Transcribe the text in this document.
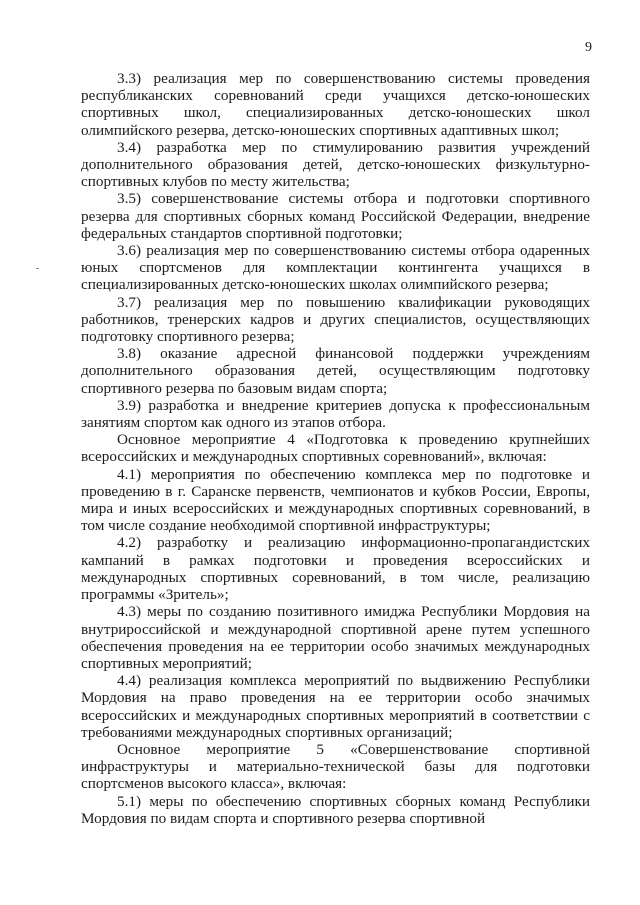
9

3.3) реализация мер по совершенствованию системы проведения республиканских соревнований среди учащихся детско-юношеских спортивных школ, специализированных детско-юношеских школ олимпийского резерва, детско-юношеских спортивных адаптивных школ;

3.4) разработка мер по стимулированию развития учреждений дополнительного образования детей, детско-юношеских физкультурно-спортивных клубов по месту жительства;

3.5) совершенствование системы отбора и подготовки спортивного резерва для спортивных сборных команд Российской Федерации, внедрение федеральных стандартов спортивной подготовки;

3.6) реализация мер по совершенствованию системы отбора одаренных юных спортсменов для комплектации контингента учащихся в специализированных детско-юношеских школах олимпийского резерва;

3.7) реализация мер по повышению квалификации руководящих работников, тренерских кадров и других специалистов, осуществляющих подготовку спортивного резерва;

3.8) оказание адресной финансовой поддержки учреждениям дополнительного образования детей, осуществляющим подготовку спортивного резерва по базовым видам спорта;

3.9) разработка и внедрение критериев допуска к профессиональным занятиям спортом как одного из этапов отбора.

Основное мероприятие 4 «Подготовка к проведению крупнейших всероссийских и международных спортивных соревнований», включая:

4.1) мероприятия по обеспечению комплекса мер по подготовке и проведению в г. Саранске первенств, чемпионатов и кубков России, Европы, мира и иных всероссийских и международных спортивных соревнований, в том числе создание необходимой спортивной инфраструктуры;

4.2) разработку и реализацию информационно-пропагандистских кампаний в рамках подготовки и проведения всероссийских и международных спортивных соревнований, в том числе, реализацию программы «Зритель»;

4.3) меры по созданию позитивного имиджа Республики Мордовия на внутрироссийской и международной спортивной арене путем успешного обеспечения проведения на ее территории особо значимых международных спортивных мероприятий;

4.4) реализация комплекса мероприятий по выдвижению Республики Мордовия на право проведения на ее территории особо значимых всероссийских и международных спортивных мероприятий в соответствии с требованиями международных спортивных организаций;

Основное мероприятие 5 «Совершенствование спортивной инфраструктуры и материально-технической базы для подготовки спортсменов высокого класса», включая:

5.1) меры по обеспечению спортивных сборных команд Республики Мордовия по видам спорта и спортивного резерва спортивной
